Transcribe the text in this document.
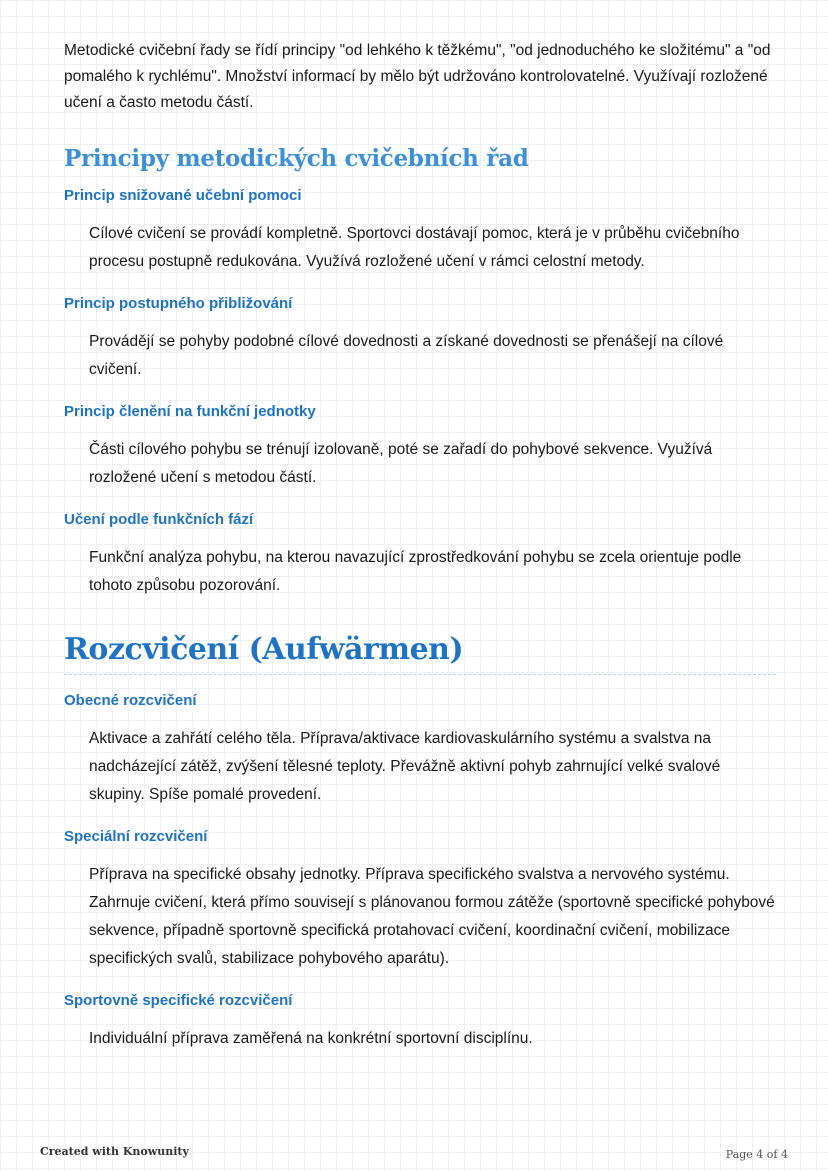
Metodické cvičební řady se řídí principy "od lehkého k těžkému", "od jednoduchého ke složitému" a "od pomalého k rychlému". Množství informací by mělo být udržováno kontrolovatelné. Využívají rozložené učení a často metodu částí.

Principy metodických cvičebních řad
Princip snižované učební pomoci

Cílové cvičení se provádí kompletně. Sportovci dostávají pomoc, která je v průběhu cvičebního procesu postupně redukována. Využívá rozložené učení v rámci celostní metody.

Princip postupného přibližování

Provádějí se pohyby podobné cílové dovednosti a získané dovednosti se přenášejí na cílové cvičení.

Princip členění na funkční jednotky

Části cílového pohybu se trénují izolovaně, poté se zařadí do pohybové sekvence. Využívá rozložené učení s metodou částí.

Učení podle funkčních fází

Funkční analýza pohybu, na kterou navazující zprostředkování pohybu se zcela orientuje podle tohoto způsobu pozorování.

Rozcvičení (Aufwärmen)
Obecné rozcvičení

Aktivace a zahřátí celého těla. Příprava/aktivace kardiovaskulárního systému a svalstva na nadcházející zátěž, zvýšení tělesné teploty. Převážně aktivní pohyb zahrnující velké svalové skupiny. Spíše pomalé provedení.

Speciální rozcvičení

Příprava na specifické obsahy jednotky. Příprava specifického svalstva a nervového systému. Zahrnuje cvičení, která přímo souvisejí s plánovanou formou zátěže (sportovně specifické pohybové sekvence, případně sportovně specifická protahovací cvičení, koordinační cvičení, mobilizace specifických svalů, stabilizace pohybového aparátu).

Sportovně specifické rozcvičení

Individuální příprava zaměřená na konkrétní sportovní disciplínu.

Created with Knowunity	Page 4 of 4
